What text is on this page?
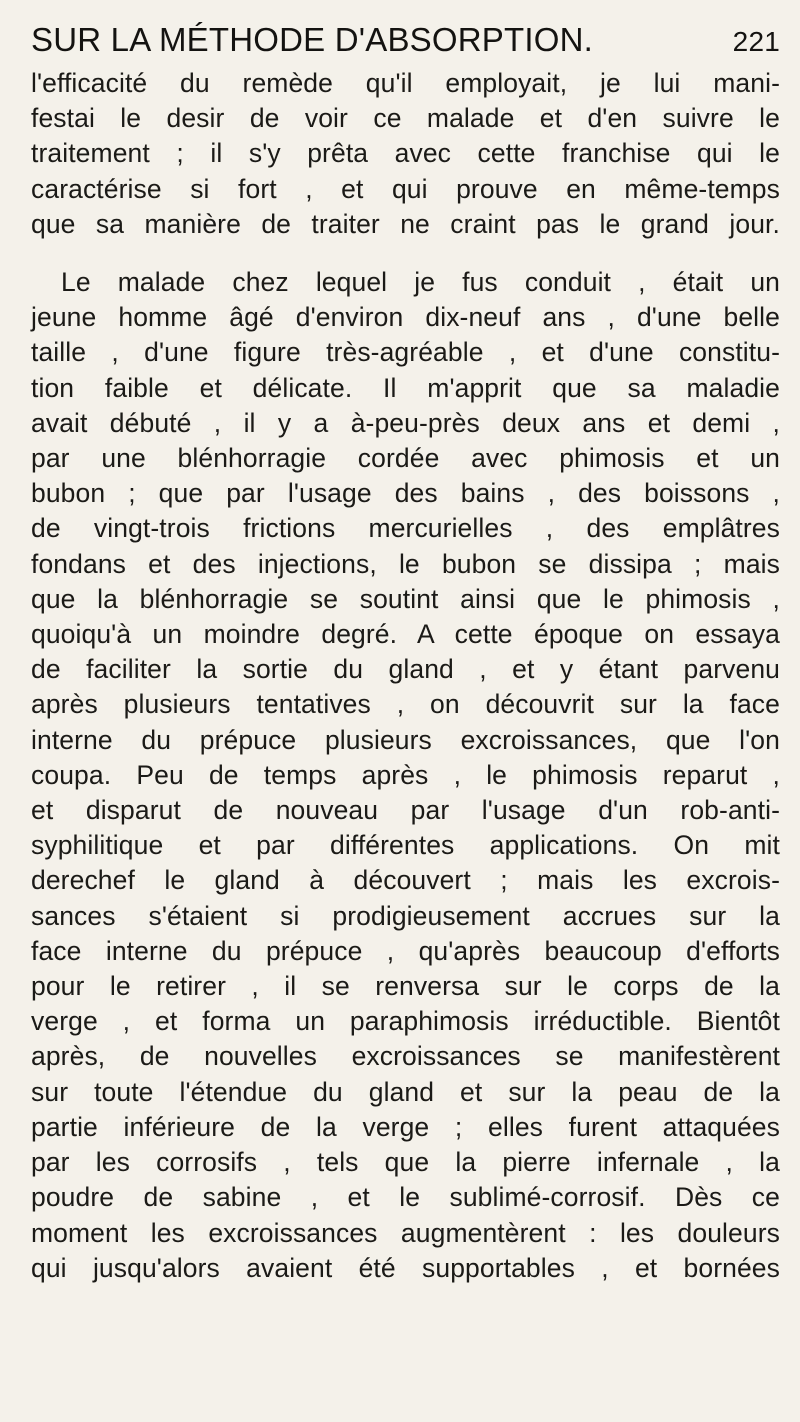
SUR LA MÉTHODE D'ABSORPTION.	221

l'efficacité du remède qu'il employait, je lui mani-
festai le desir de voir ce malade et d'en suivre le
traitement ; il s'y prêta avec cette franchise qui le
caractérise si fort , et qui prouve en même-temps
que sa manière de traiter ne craint pas le grand jour.

Le malade chez lequel je fus conduit , était un
jeune homme âgé d'environ dix-neuf ans , d'une belle
taille , d'une figure très-agréable , et d'une constitu-
tion faible et délicate. Il m'apprit que sa maladie
avait débuté , il y a à-peu-près deux ans et demi ,
par une blénhorragie cordée avec phimosis et un
bubon ; que par l'usage des bains , des boissons ,
de vingt-trois frictions mercurielles , des emplâtres
fondans et des injections, le bubon se dissipa ; mais
que la blénhorragie se soutint ainsi que le phimosis ,
quoiqu'à un moindre degré. A cette époque on essaya
de faciliter la sortie du gland , et y étant parvenu
après plusieurs tentatives , on découvrit sur la face
interne du prépuce plusieurs excroissances, que l'on
coupa. Peu de temps après , le phimosis reparut ,
et disparut de nouveau par l'usage d'un rob-anti-
syphilitique et par différentes applications. On mit
derechef le gland à découvert ; mais les excrois-
sances s'étaient si prodigieusement accrues sur la
face interne du prépuce , qu'après beaucoup d'efforts
pour le retirer , il se renversa sur le corps de la
verge , et forma un paraphimosis irréductible. Bientôt
après, de nouvelles excroissances se manifestèrent
sur toute l'étendue du gland et sur la peau de la
partie inférieure de la verge ; elles furent attaquées
par les corrosifs , tels que la pierre infernale , la
poudre de sabine , et le sublimé-corrosif. Dès ce
moment les excroissances augmentèrent : les douleurs
qui jusqu'alors avaient été supportables , et bornées
